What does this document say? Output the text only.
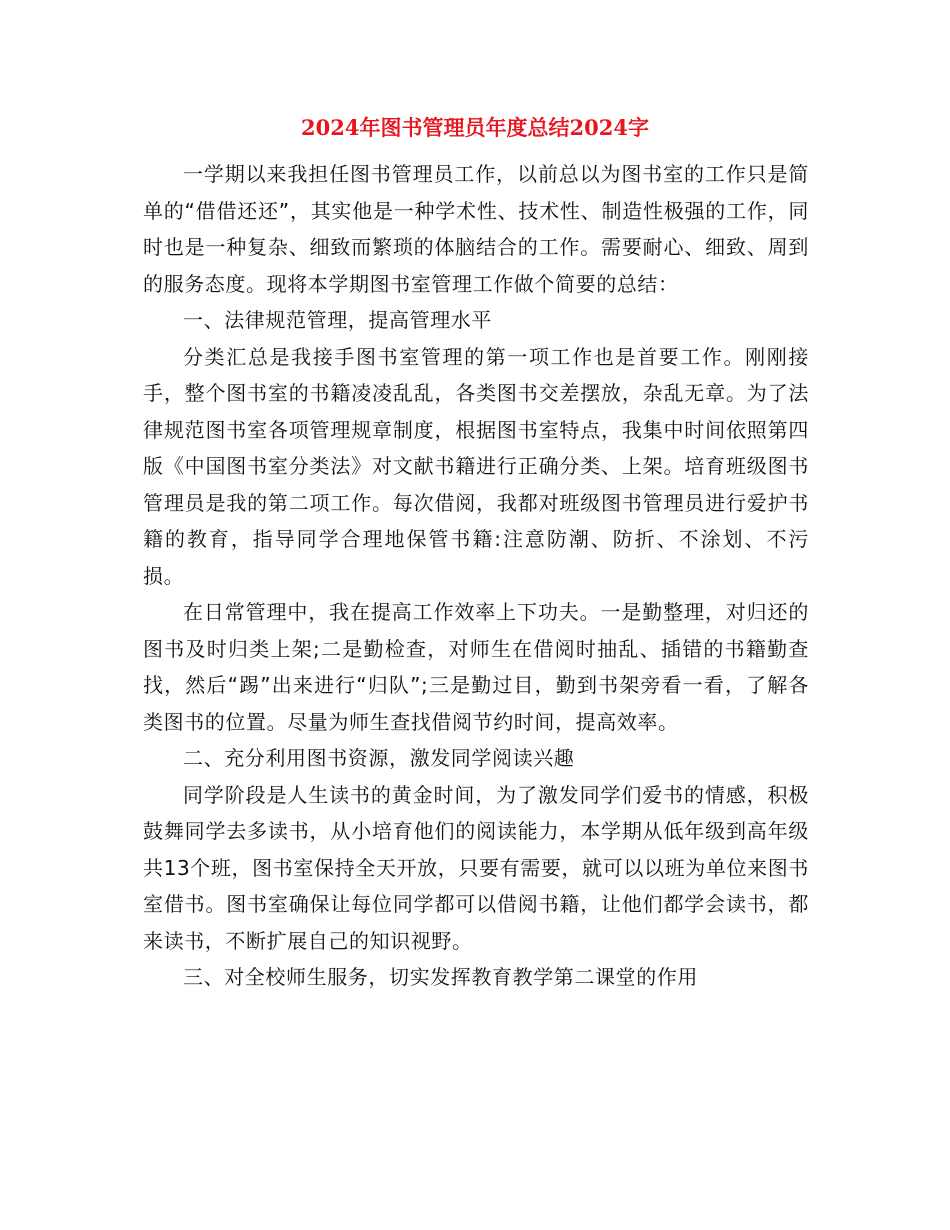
2024年图书管理员年度总结2024字

一学期以来我担任图书管理员工作，以前总以为图书室的工作只是简单的“借借还还”，其实他是一种学术性、技术性、制造性极强的工作，同时也是一种复杂、细致而繁琐的体脑结合的工作。需要耐心、细致、周到的服务态度。现将本学期图书室管理工作做个简要的总结：

一、法律规范管理，提高管理水平

分类汇总是我接手图书室管理的第一项工作也是首要工作。刚刚接手，整个图书室的书籍凌凌乱乱，各类图书交差摆放，杂乱无章。为了法律规范图书室各项管理规章制度，根据图书室特点，我集中时间依照第四版《中国图书室分类法》对文献书籍进行正确分类、上架。培育班级图书管理员是我的第二项工作。每次借阅，我都对班级图书管理员进行爱护书籍的教育，指导同学合理地保管书籍:注意防潮、防折、不涂划、不污损。

在日常管理中，我在提高工作效率上下功夫。一是勤整理，对归还的图书及时归类上架;二是勤检查，对师生在借阅时抽乱、插错的书籍勤查找，然后“踢”出来进行“归队”;三是勤过目，勤到书架旁看一看，了解各类图书的位置。尽量为师生查找借阅节约时间，提高效率。

二、充分利用图书资源，激发同学阅读兴趣

同学阶段是人生读书的黄金时间，为了激发同学们爱书的情感，积极鼓舞同学去多读书，从小培育他们的阅读能力，本学期从低年级到高年级共13个班，图书室保持全天开放，只要有需要，就可以以班为单位来图书室借书。图书室确保让每位同学都可以借阅书籍，让他们都学会读书，都来读书，不断扩展自己的知识视野。

三、对全校师生服务，切实发挥教育教学第二课堂的作用
